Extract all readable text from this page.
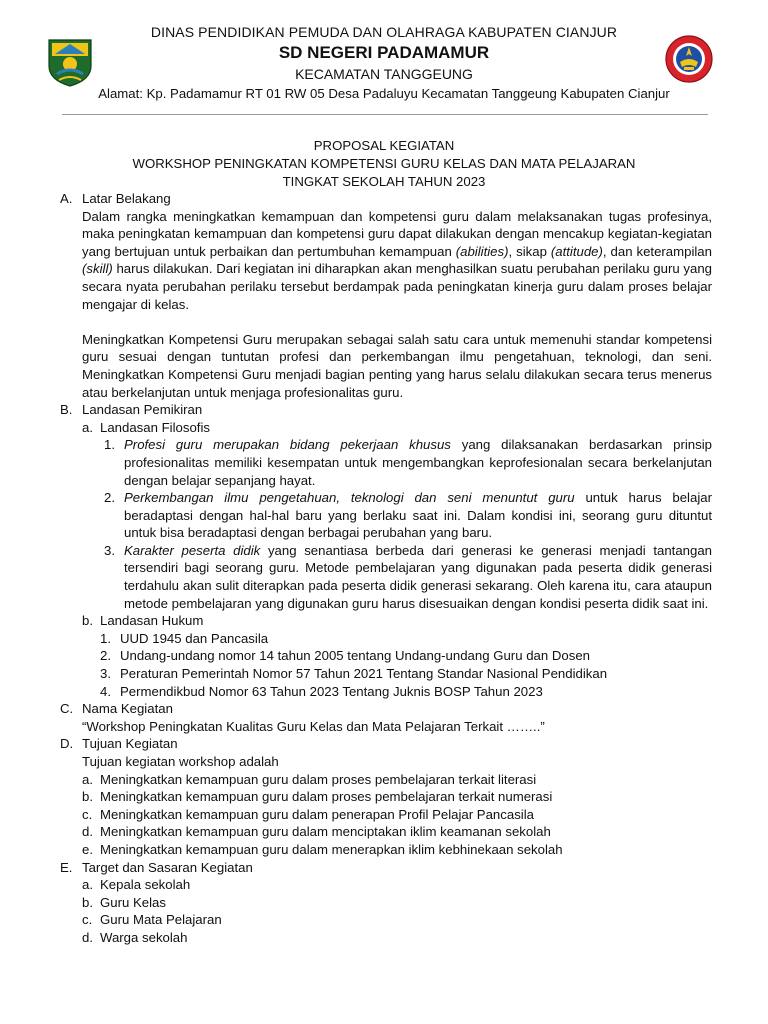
DINAS PENDIDIKAN PEMUDA DAN OLAHRAGA KABUPATEN CIANJUR
SD NEGERI PADAMAMUR
KECAMATAN TANGGEUNG
Alamat: Kp. Padamamur RT 01 RW 05 Desa Padaluyu Kecamatan Tanggeung Kabupaten Cianjur
PROPOSAL KEGIATAN
WORKSHOP PENINGKATAN KOMPETENSI GURU KELAS DAN MATA PELAJARAN
TINGKAT SEKOLAH TAHUN 2023
A. Latar Belakang
Dalam rangka meningkatkan kemampuan dan kompetensi guru dalam melaksanakan tugas profesinya, maka peningkatan kemampuan dan kompetensi guru dapat dilakukan dengan mencakup kegiatan-kegiatan yang bertujuan untuk perbaikan dan pertumbuhan kemampuan (abilities), sikap (attitude), dan keterampilan (skill) harus dilakukan. Dari kegiatan ini diharapkan akan menghasilkan suatu perubahan perilaku guru yang secara nyata perubahan perilaku tersebut berdampak pada peningkatan kinerja guru dalam proses belajar mengajar di kelas.
Meningkatkan Kompetensi Guru merupakan sebagai salah satu cara untuk memenuhi standar kompetensi guru sesuai dengan tuntutan profesi dan perkembangan ilmu pengetahuan, teknologi, dan seni. Meningkatkan Kompetensi Guru menjadi bagian penting yang harus selalu dilakukan secara terus menerus atau berkelanjutan untuk menjaga profesionalitas guru.
B. Landasan Pemikiran
a. Landasan Filosofis
1. Profesi guru merupakan bidang pekerjaan khusus yang dilaksanakan berdasarkan prinsip profesionalitas memiliki kesempatan untuk mengembangkan keprofesionalan secara berkelanjutan dengan belajar sepanjang hayat.
2. Perkembangan ilmu pengetahuan, teknologi dan seni menuntut guru untuk harus belajar beradaptasi dengan hal-hal baru yang berlaku saat ini. Dalam kondisi ini, seorang guru dituntut untuk bisa beradaptasi dengan berbagai perubahan yang baru.
3. Karakter peserta didik yang senantiasa berbeda dari generasi ke generasi menjadi tantangan tersendiri bagi seorang guru. Metode pembelajaran yang digunakan pada peserta didik generasi terdahulu akan sulit diterapkan pada peserta didik generasi sekarang. Oleh karena itu, cara ataupun metode pembelajaran yang digunakan guru harus disesuaikan dengan kondisi peserta didik saat ini.
b. Landasan Hukum
1. UUD 1945 dan Pancasila
2. Undang-undang nomor 14 tahun 2005 tentang Undang-undang Guru dan Dosen
3. Peraturan Pemerintah Nomor 57 Tahun 2021 Tentang Standar Nasional Pendidikan
4. Permendikbud Nomor 63 Tahun 2023 Tentang Juknis BOSP Tahun 2023
C. Nama Kegiatan
“Workshop Peningkatan Kualitas Guru Kelas dan Mata Pelajaran Terkait ……..”
D. Tujuan Kegiatan
Tujuan kegiatan workshop adalah
a. Meningkatkan kemampuan guru dalam proses pembelajaran terkait literasi
b. Meningkatkan kemampuan guru dalam proses pembelajaran terkait numerasi
c. Meningkatkan kemampuan guru dalam penerapan Profil Pelajar Pancasila
d. Meningkatkan kemampuan guru dalam menciptakan iklim keamanan sekolah
e. Meningkatkan kemampuan guru dalam menerapkan iklim kebhinekaan sekolah
E. Target dan Sasaran Kegiatan
a. Kepala sekolah
b. Guru Kelas
c. Guru Mata Pelajaran
d. Warga sekolah
